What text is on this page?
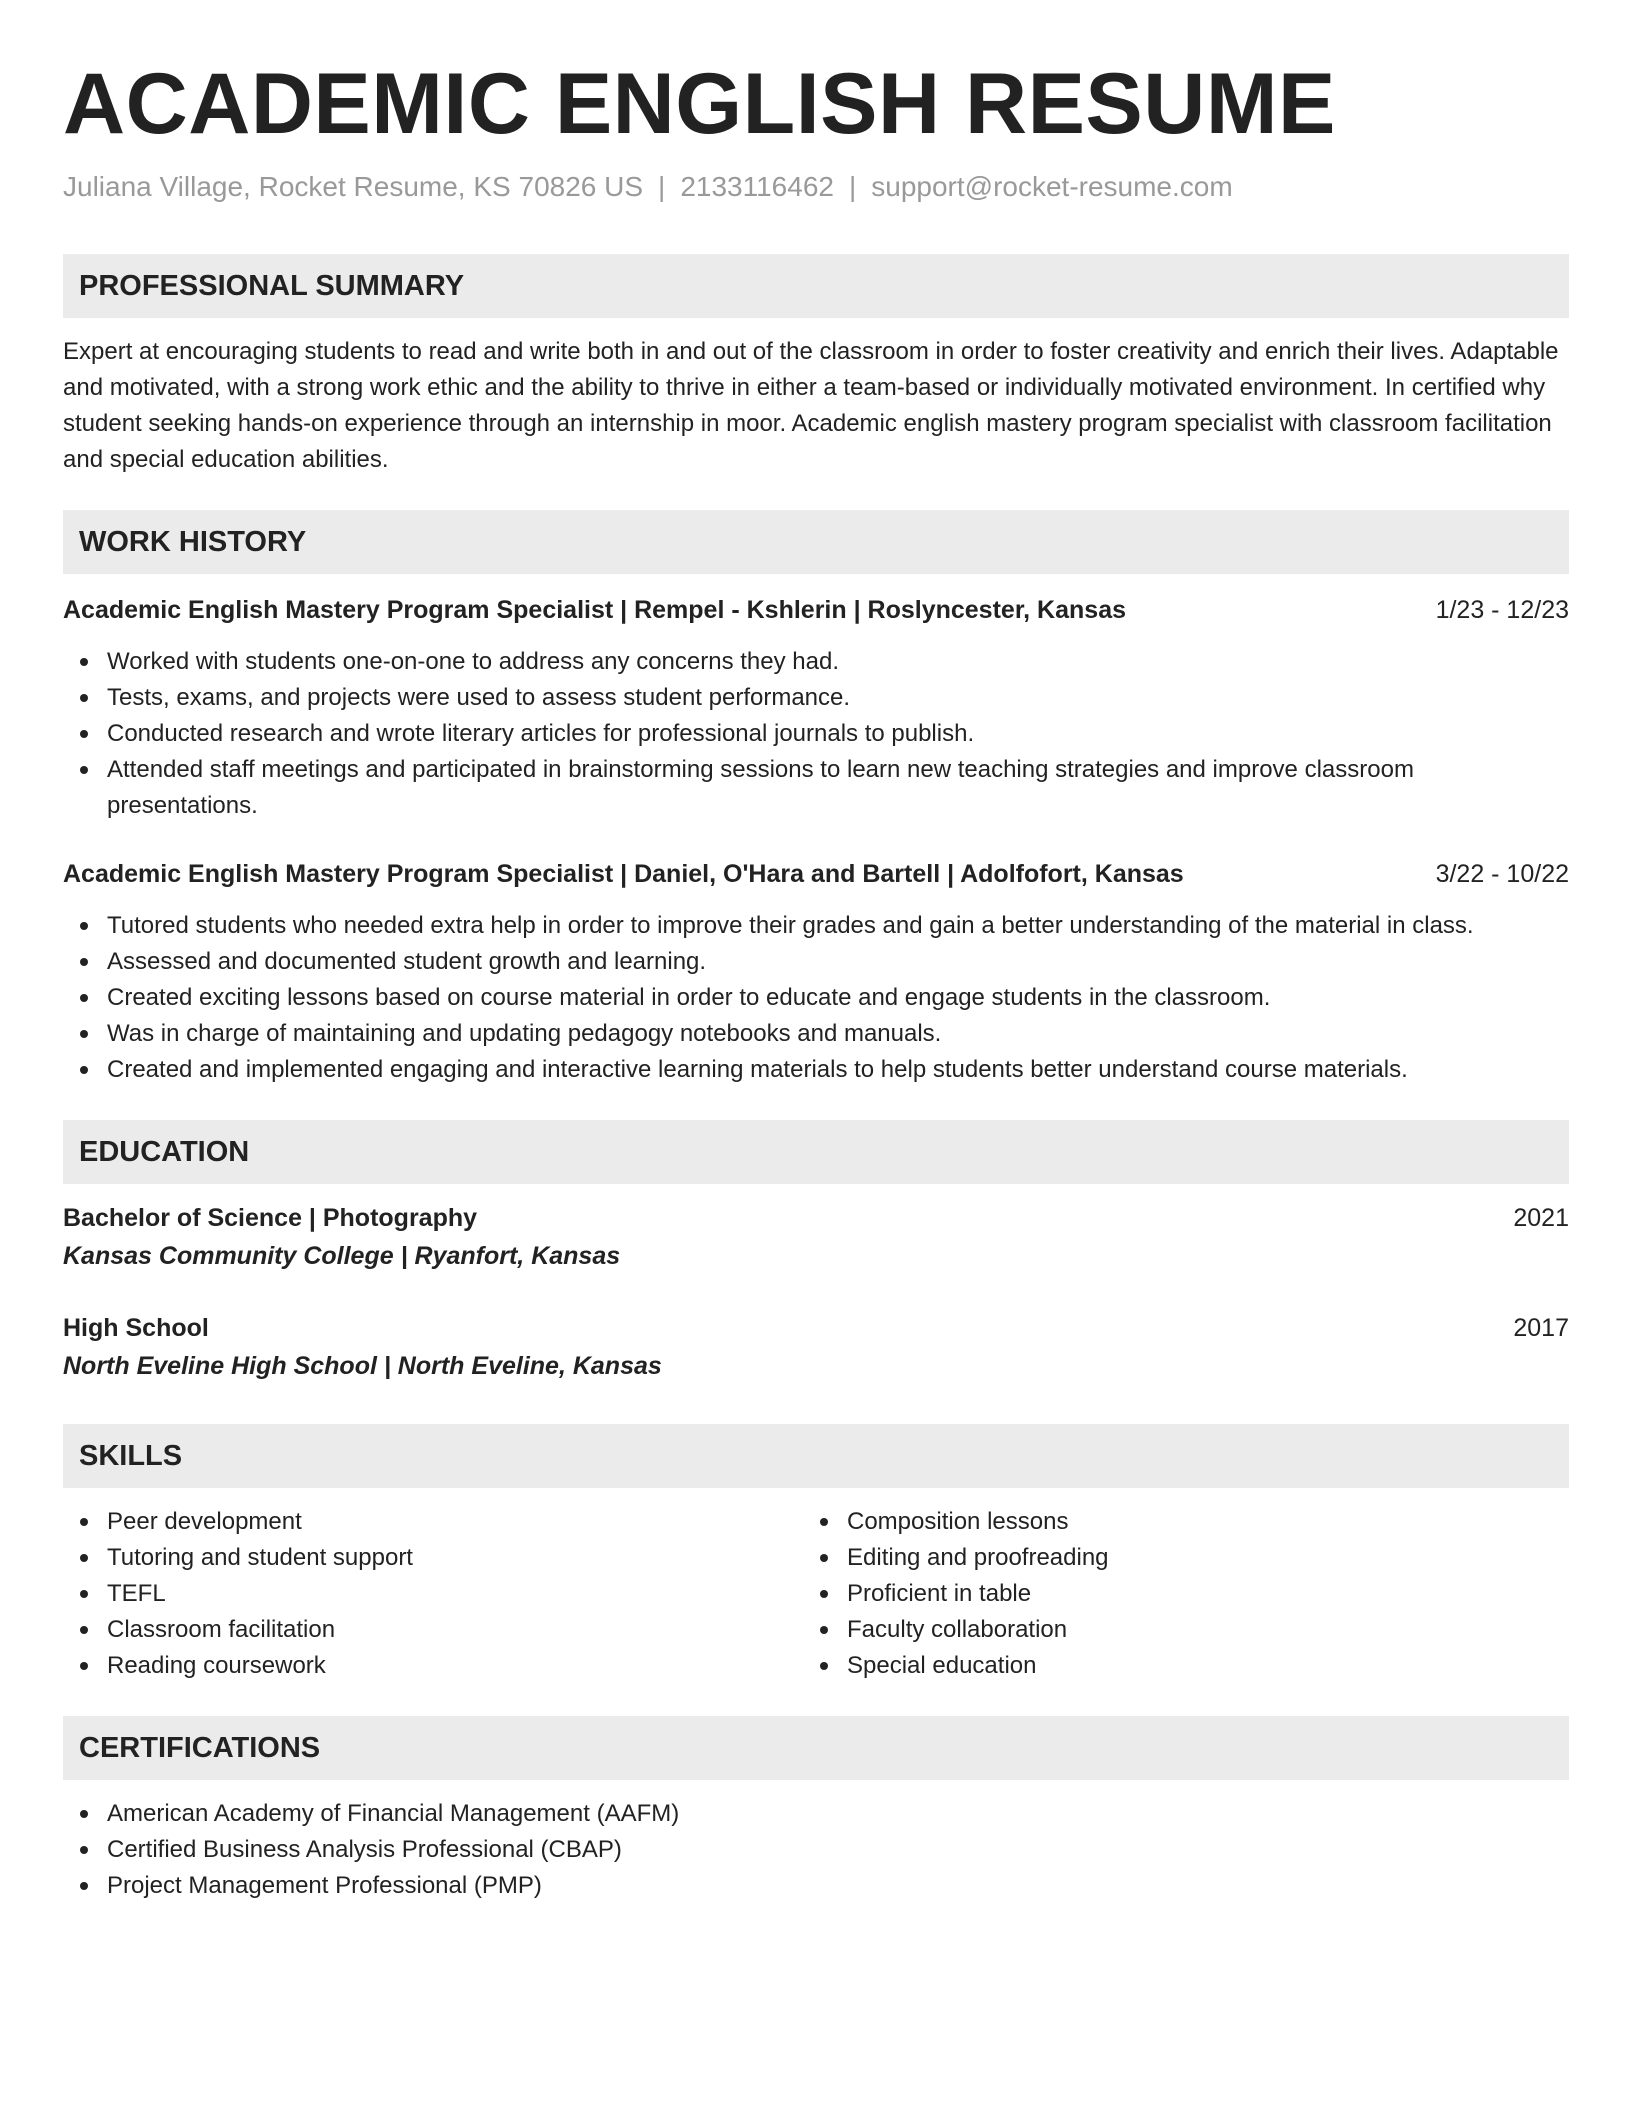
ACADEMIC ENGLISH RESUME
Juliana Village, Rocket Resume, KS 70826 US | 2133116462 | support@rocket-resume.com
PROFESSIONAL SUMMARY
Expert at encouraging students to read and write both in and out of the classroom in order to foster creativity and enrich their lives. Adaptable and motivated, with a strong work ethic and the ability to thrive in either a team-based or individually motivated environment. In certified why student seeking hands-on experience through an internship in moor. Academic english mastery program specialist with classroom facilitation and special education abilities.
WORK HISTORY
Academic English Mastery Program Specialist | Rempel - Kshlerin | Roslyncester, Kansas	1/23 - 12/23
Worked with students one-on-one to address any concerns they had.
Tests, exams, and projects were used to assess student performance.
Conducted research and wrote literary articles for professional journals to publish.
Attended staff meetings and participated in brainstorming sessions to learn new teaching strategies and improve classroom presentations.
Academic English Mastery Program Specialist | Daniel, O'Hara and Bartell | Adolfofort, Kansas	3/22 - 10/22
Tutored students who needed extra help in order to improve their grades and gain a better understanding of the material in class.
Assessed and documented student growth and learning.
Created exciting lessons based on course material in order to educate and engage students in the classroom.
Was in charge of maintaining and updating pedagogy notebooks and manuals.
Created and implemented engaging and interactive learning materials to help students better understand course materials.
EDUCATION
Bachelor of Science | Photography	2021
Kansas Community College | Ryanfort, Kansas
High School	2017
North Eveline High School | North Eveline, Kansas
SKILLS
Peer development
Tutoring and student support
TEFL
Classroom facilitation
Reading coursework
Composition lessons
Editing and proofreading
Proficient in table
Faculty collaboration
Special education
CERTIFICATIONS
American Academy of Financial Management (AAFM)
Certified Business Analysis Professional (CBAP)
Project Management Professional (PMP)
